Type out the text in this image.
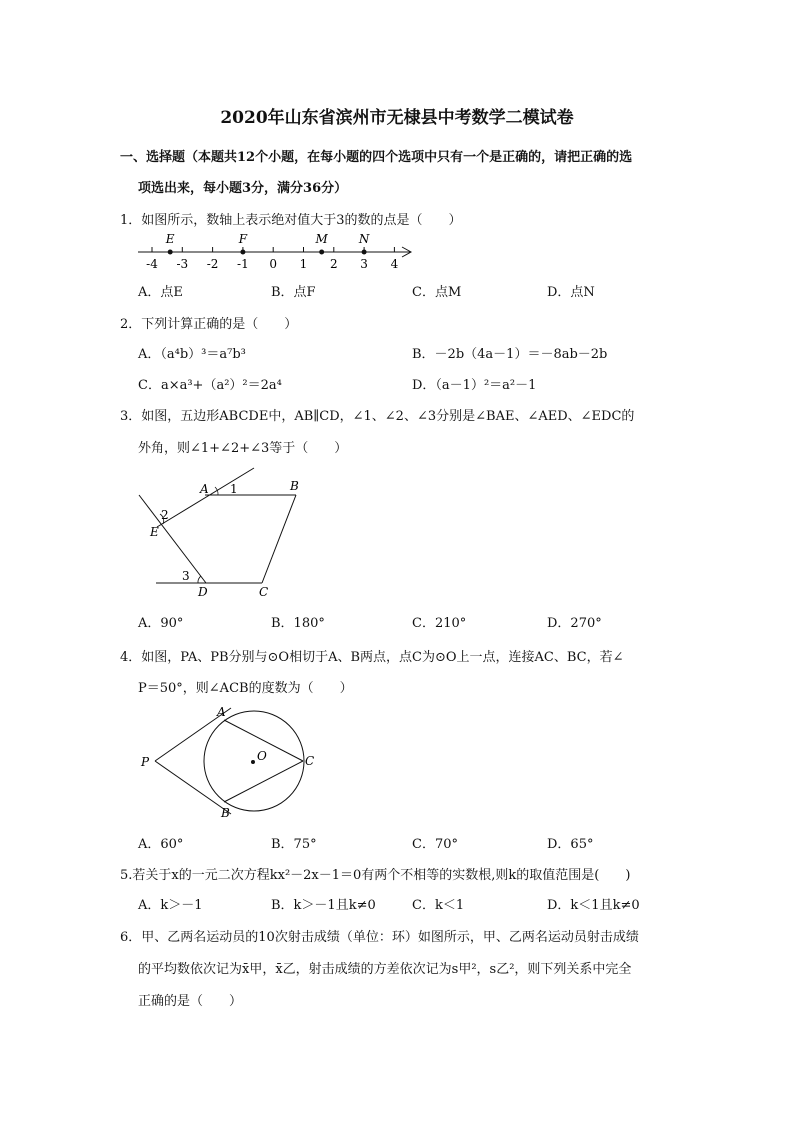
2020年山东省滨州市无棣县中考数学二模试卷
一、选择题（本题共12个小题，在每小题的四个选项中只有一个是正确的，请把正确的选
项选出来，每小题3分，满分36分）
1．如图所示，数轴上表示绝对值大于3的数的点是（　　）
-4 -3 -2 -1 0 1 2 3 4
E	F	M	N
A．点E	B．点F	C．点M	D．点N
2．下列计算正确的是（　　）
A．（a⁴b）³＝a⁷b³	B．－2b（4a－1）＝－8ab－2b
C．a×a³+（a²）²＝2a⁴	D．（a－1）²＝a²－1
3．如图，五边形ABCDE中，AB∥CD，∠1、∠2、∠3分别是∠BAE、∠AED、∠EDC的
外角，则∠1+∠2+∠3等于（　　）
A 1	B
2
E
3
D	C
A．90°	B．180°	C．210°	D．270°
4．如图，PA、PB分别与⊙O相切于A、B两点，点C为⊙O上一点，连接AC、BC，若∠
P＝50°，则∠ACB的度数为（　　）
A
P	O	C
B
A．60°	B．75°	C．70°	D．65°
5.若关于x的一元二次方程kx²－2x－1＝0有两个不相等的实数根,则k的取值范围是(　　)
A．k＞－1	B．k＞－1且k≠0	C．k＜1	D．k＜1且k≠0
6．甲、乙两名运动员的10次射击成绩（单位：环）如图所示，甲、乙两名运动员射击成绩
的平均数依次记为x̄甲，x̄乙，射击成绩的方差依次记为s甲²，s乙²，则下列关系中完全
正确的是（　　）
